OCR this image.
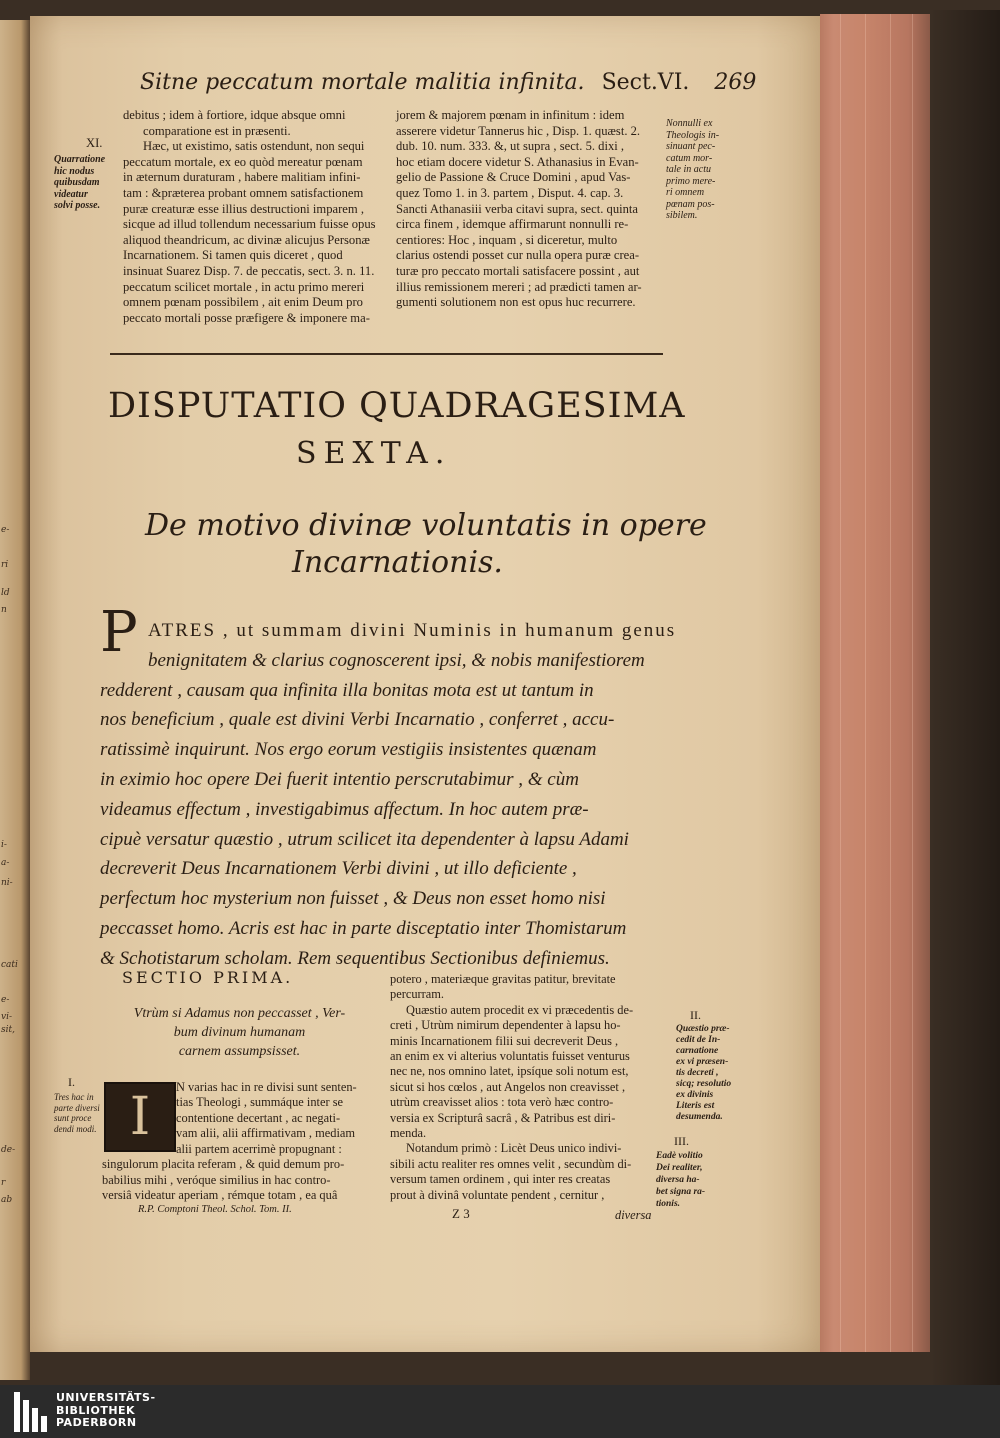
e-
ri
ld
n
i-
a-
ni-
cati
e-
vi-
sit,
de-
r
ab
Sitne peccatum mortale malitia infinita. Sect.VI. 269
debitus ; idem à fortiore, idque absque omni
comparatione est in præsenti.
Hæc, ut existimo, satis ostendunt, non sequi
peccatum mortale, ex eo quòd mereatur pœnam
in æternum duraturam , habere malitiam infini-
tam : &præterea probant omnem satisfactionem
puræ creaturæ esse illius destructioni imparem ,
sicque ad illud tollendum necessarium fuisse opus
aliquod theandricum, ac divinæ alicujus Personæ
Incarnationem. Si tamen quis diceret , quod
insinuat Suarez Disp. 7. de peccatis, sect. 3. n. 11.
peccatum scilicet mortale , in actu primo mereri
omnem pœnam possibilem , ait enim Deum pro
peccato mortali posse præfigere & imponere ma-
jorem & majorem pœnam in infinitum : idem
asserere videtur Tannerus hic , Disp. 1. quæst. 2.
dub. 10. num. 333. &, ut supra , sect. 5. dixi ,
hoc etiam docere videtur S. Athanasius in Evan-
gelio de Passione & Cruce Domini , apud Vas-
quez Tomo 1. in 3. partem , Disput. 4. cap. 3.
Sancti Athanasiii verba citavi supra, sect. quinta
circa finem , idemque affirmarunt nonnulli re-
centiores: Hoc , inquam , si diceretur, multo
clarius ostendi posset cur nulla opera puræ crea-
turæ pro peccato mortali satisfacere possint , aut
illius remissionem mereri ; ad prædicti tamen ar-
gumenti solutionem non est opus huc recurrere.
XI.
Quarratione
hic nodus
quibusdam
videatur
solvi posse.
Nonnulli ex
Theologis in-
sinuant pec-
catum mor-
tale in actu
primo mere-
ri omnem
pœnam pos-
sibilem.
DISPUTATIO QUADRAGESIMA
SEXTA.
De motivo divinæ voluntatis in opere
Incarnationis.
P ATRES , ut summam divini Numinis in humanum genus
benignitatem & clarius cognoscerent ipsi, & nobis manifestiorem
redderent , causam qua infinita illa bonitas mota est ut tantum in
nos beneficium , quale est divini Verbi Incarnatio , conferret , accu-
ratissimè inquirunt. Nos ergo eorum vestigiis insistentes quænam
in eximio hoc opere Dei fuerit intentio perscrutabimur , & cùm
videamus effectum , investigabimus affectum. In hoc autem præ-
cipuè versatur quæstio , utrum scilicet ita dependenter à lapsu Adami
decreverit Deus Incarnationem Verbi divini , ut illo deficiente ,
perfectum hoc mysterium non fuisset , & Deus non esset homo nisi
peccasset homo. Acris est hac in parte disceptatio inter Thomistarum
& Schotistarum scholam. Rem sequentibus Sectionibus definiemus.
SECTIO PRIMA.
Vtrùm si Adamus non peccasset , Ver-
bum divinum humanam
carnem assumpsisset.
I	N varias hac in re divisi sunt senten-
tias Theologi , summáque inter se
contentione decertant , ac negati-
vam alii, alii affirmativam , mediam
alii partem acerrimè propugnant :
singulorum placita referam , & quid demum pro-
babilius mihi , veróque similius in hac contro-
versiâ videatur aperiam , rémque totam , ea quâ
potero , materiæque gravitas patitur, brevitate
percurram.
Quæstio autem procedit ex vi præcedentis de-
creti , Utrùm nimirum dependenter à lapsu ho-
minis Incarnationem filii sui decreverit Deus ,
an enim ex vi alterius voluntatis fuisset venturus
nec ne, nos omnino latet, ipsíque soli notum est,
sicut si hos cœlos , aut Angelos non creavisset ,
utrùm creavisset alios : tota verò hæc contro-
versia ex Scripturâ sacrâ , & Patribus est diri-
menda.
Notandum primò : Licèt Deus unico indivi-
sibili actu realiter res omnes velit , secundùm di-
versum tamen ordinem , qui inter res creatas
prout à divinâ voluntate pendent , cernitur ,
I.
Tres hac in
parte diversi
sunt proce
dendi modi.
II.
Quæstio præ-
cedit de In-
carnatione
ex vi præsen-
tis decreti ,
sicq; resolutio
ex divinis
Literis est
desumenda.
III.
Eadè volitio
Dei realiter,
diversa ha-
bet signa ra-
tionis.
R.P. Comptoni Theol. Schol. Tom. II.	Z 3	diversa
UNIVERSITÄTS-
BIBLIOTHEK
PADERBORN
